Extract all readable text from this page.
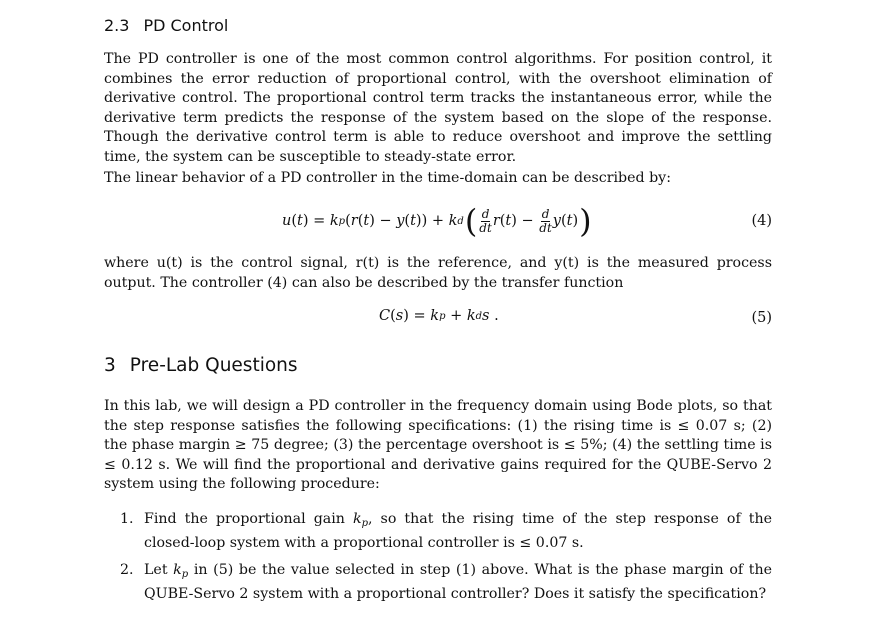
2.3 PD Control

The PD controller is one of the most common control algorithms. For position control, it combines the error reduction of proportional control, with the overshoot elimination of derivative control. The proportional control term tracks the instantaneous error, while the derivative term predicts the response of the system based on the slope of the response. Though the derivative control term is able to reduce overshoot and improve the settling time, the system can be susceptible to steady-state error.

The linear behavior of a PD controller in the time-domain can be described by:

u ( t ) = k p ( r ( t ) − y ( t )) + k d ( $\frac{d}{dt}$ r ( t ) − $\frac{d}{dt}$ y ( t ) )	(4)

where u(t) is the control signal, r(t) is the reference, and y(t) is the measured process output. The controller (4) can also be described by the transfer function

C ( s ) = k p + k d s .	(5)
3 Pre-Lab Questions

In this lab, we will design a PD controller in the frequency domain using Bode plots, so that the step response satisfies the following specifications: (1) the rising time is ≤ 0.07 s; (2) the phase margin ≥ 75 degree; (3) the percentage overshoot is ≤ 5%; (4) the settling time is ≤ 0.12 s. We will find the proportional and derivative gains required for the QUBE-Servo 2 system using the following procedure:

1. Find the proportional gain $k_p$, so that the rising time of the step response of the closed-loop system with a proportional controller is ≤ 0.07 s.
2. Let $k_p$ in (5) be the value selected in step (1) above. What is the phase margin of the QUBE-Servo 2 system with a proportional controller? Does it satisfy the specification?
